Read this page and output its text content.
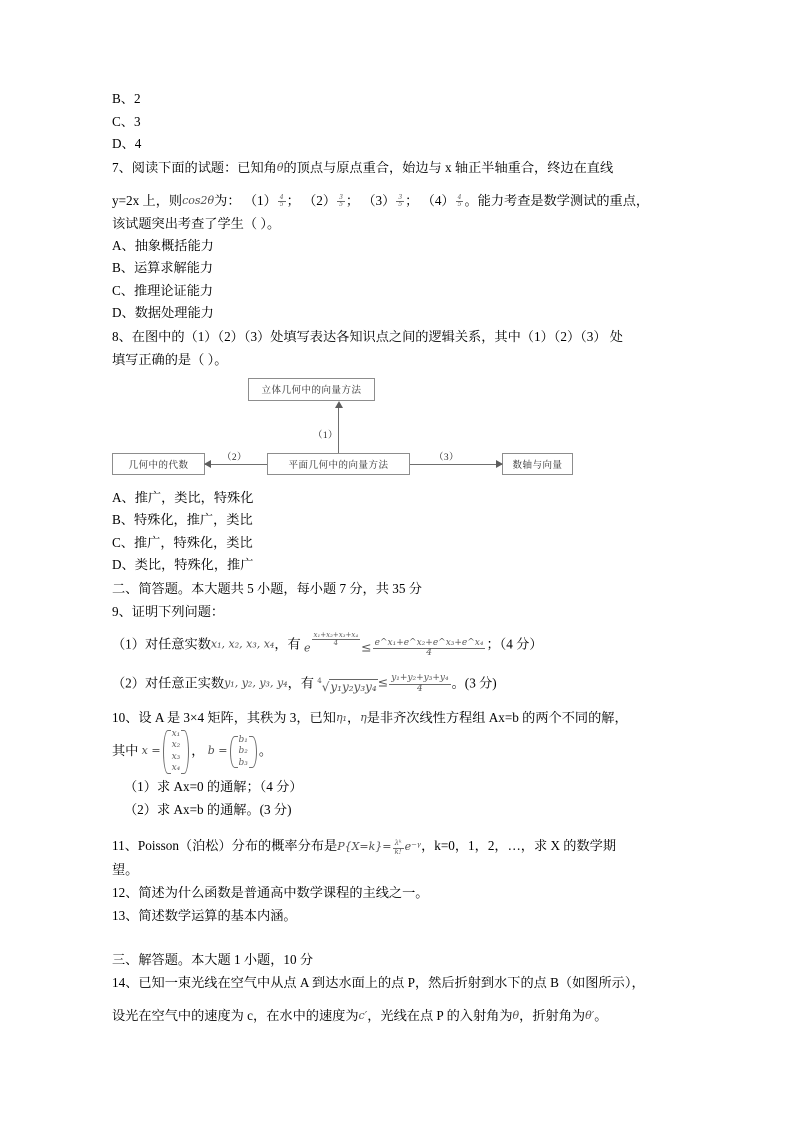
B、2
C、3
D、4
7、阅读下面的试题：已知角θ的顶点与原点重合，始边与 x 轴正半轴重合，终边在直线
y=2x 上，则cos2θ为： $(1) \frac{4}{5}$ ； $(2) \frac{3}{5}$ ； $(3) \frac{3}{5}$ ； $(4) \frac{4}{5}$ 。能力考查是数学测试的重点，
该试题突出考查了学生（ ）。
A、抽象概括能力
B、运算求解能力
C、推理论证能力
D、数据处理能力
8、在图中的（1）（2）（3）处填写表达各知识点之间的逻辑关系，其中（1）（2）（3） 处
填写正确的是（ ）。
立体几何中的向量方法
几何中的代数	平面几何中的向量方法	数轴与向量
（1）
（2）	（3）
A、推广，类比，特殊化
B、特殊化，推广，类比
C、推广，特殊化，类比
D、类比，特殊化，推广
二、简答题。本大题共 5 小题，每小题 7 分，共 35 分
9、证明下列问题：
（1）对任意实数x₁, x₂, x₃, x₄，有 e
$\frac{\text{x₁+x₂+x₃+x₄}}{4} \le \frac{\text{e\textasciicircum{}x₁+e\textasciicircum{}x₂+e\textasciicircum{}x₃+e\textasciicircum{}x₄}}{4}$ ；（4 分）
（2）对任意正实数y₁, y₂, y₃, y₄，有 $^4√y_1y_2y_3y_4\le \frac{\text{y₁+y₂+y₃+y₄}}{4}$ 。(3 分)
10、设 A 是 3×4 矩阵，其秩为 3，已知η₁，η是非齐次线性方程组 Ax=b 的两个不同的解，
其中 x =
x₁
x₂
x₃
x₄
， b =
b₁
b₂
b₃
。
（1）求 Ax=0 的通解；（4 分）
（2）求 Ax=b 的通解。(3 分)
11、Poisson（泊松）分布的概率分布是$P\{X=k\}= \frac{\text{λᵏ}}{k!}$ e⁻ᵞ，k=0，1，2，…，求 X 的数学期
望。
12、简述为什么函数是普通高中数学课程的主线之一。
13、简述数学运算的基本内涵。
三、解答题。本大题 1 小题，10 分
14、已知一束光线在空气中从点 A 到达水面上的点 P，然后折射到水下的点 B（如图所示），
设光在空气中的速度为 c，在水中的速度为c′，光线在点 P 的入射角为θ，折射角为θ′。
